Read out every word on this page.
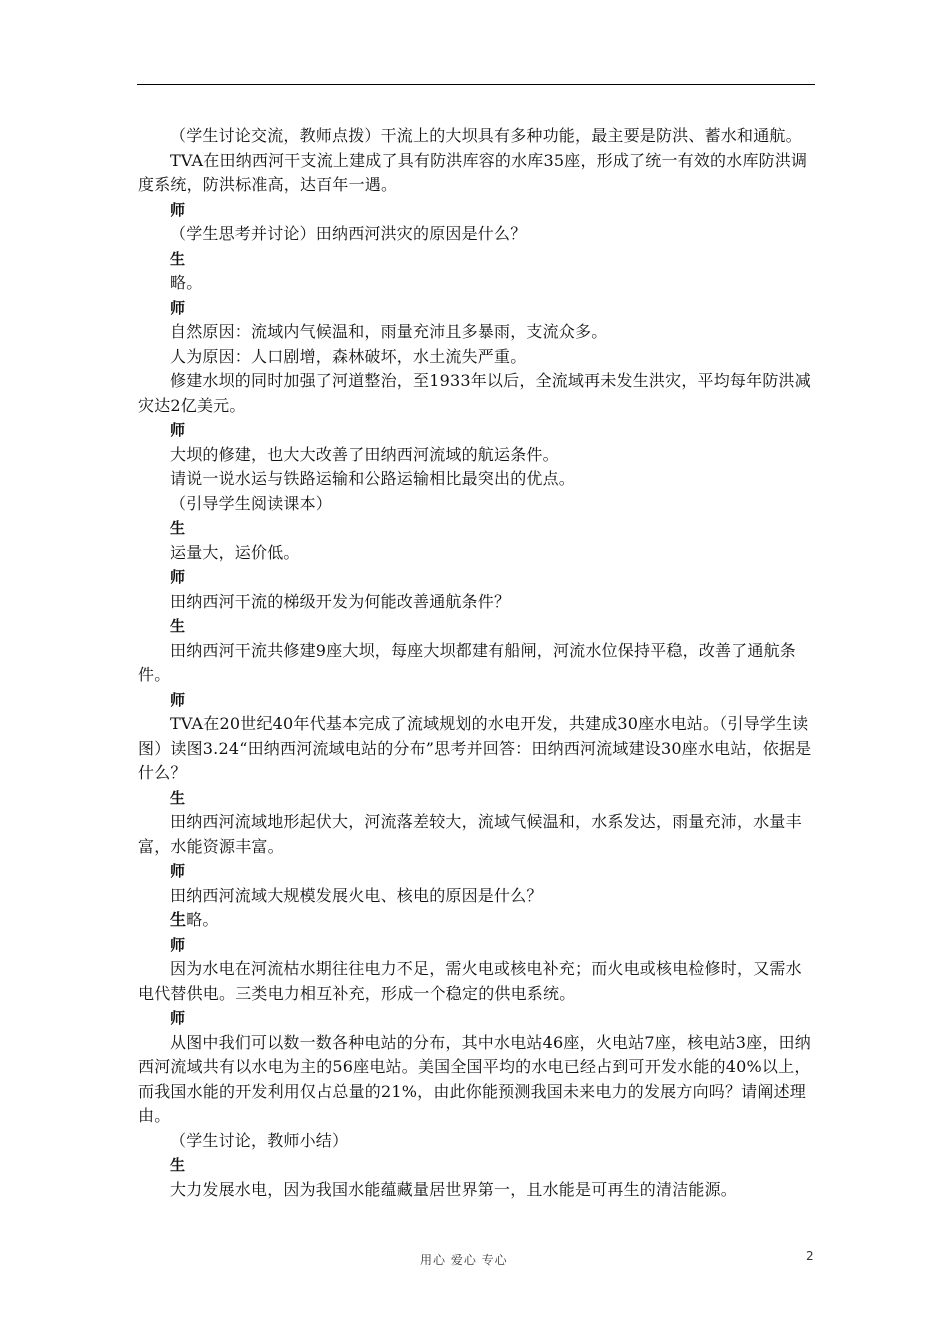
（学生讨论交流，教师点拨）干流上的大坝具有多种功能，最主要是防洪、蓄水和通航。

TVA在田纳西河干支流上建成了具有防洪库容的水库35座，形成了统一有效的水库防洪调度系统，防洪标准高，达百年一遇。

师

（学生思考并讨论）田纳西河洪灾的原因是什么？

生

略。

师

自然原因：流域内气候温和，雨量充沛且多暴雨，支流众多。

人为原因：人口剧增，森林破坏，水土流失严重。

修建水坝的同时加强了河道整治，至1933年以后，全流域再未发生洪灾，平均每年防洪减灾达2亿美元。

师

大坝的修建，也大大改善了田纳西河流域的航运条件。

请说一说水运与铁路运输和公路运输相比最突出的优点。

（引导学生阅读课本）

生

运量大，运价低。

师

田纳西河干流的梯级开发为何能改善通航条件？

生

田纳西河干流共修建9座大坝，每座大坝都建有船闸，河流水位保持平稳，改善了通航条件。

师

TVA在20世纪40年代基本完成了流域规划的水电开发，共建成30座水电站。（引导学生读图）读图3.24“田纳西河流域电站的分布”思考并回答：田纳西河流域建设30座水电站，依据是什么？

生

田纳西河流域地形起伏大，河流落差较大，流域气候温和，水系发达，雨量充沛，水量丰富，水能资源丰富。

师

田纳西河流域大规模发展火电、核电的原因是什么？

生略。

师

因为水电在河流枯水期往往电力不足，需火电或核电补充；而火电或核电检修时，又需水电代替供电。三类电力相互补充，形成一个稳定的供电系统。

师

从图中我们可以数一数各种电站的分布，其中水电站46座，火电站7座，核电站3座，田纳西河流域共有以水电为主的56座电站。美国全国平均的水电已经占到可开发水能的40%以上，而我国水能的开发利用仅占总量的21%，由此你能预测我国未来电力的发展方向吗？请阐述理由。

（学生讨论，教师小结）

生

大力发展水电，因为我国水能蕴藏量居世界第一，且水能是可再生的清洁能源。

用心 爱心 专心	2
